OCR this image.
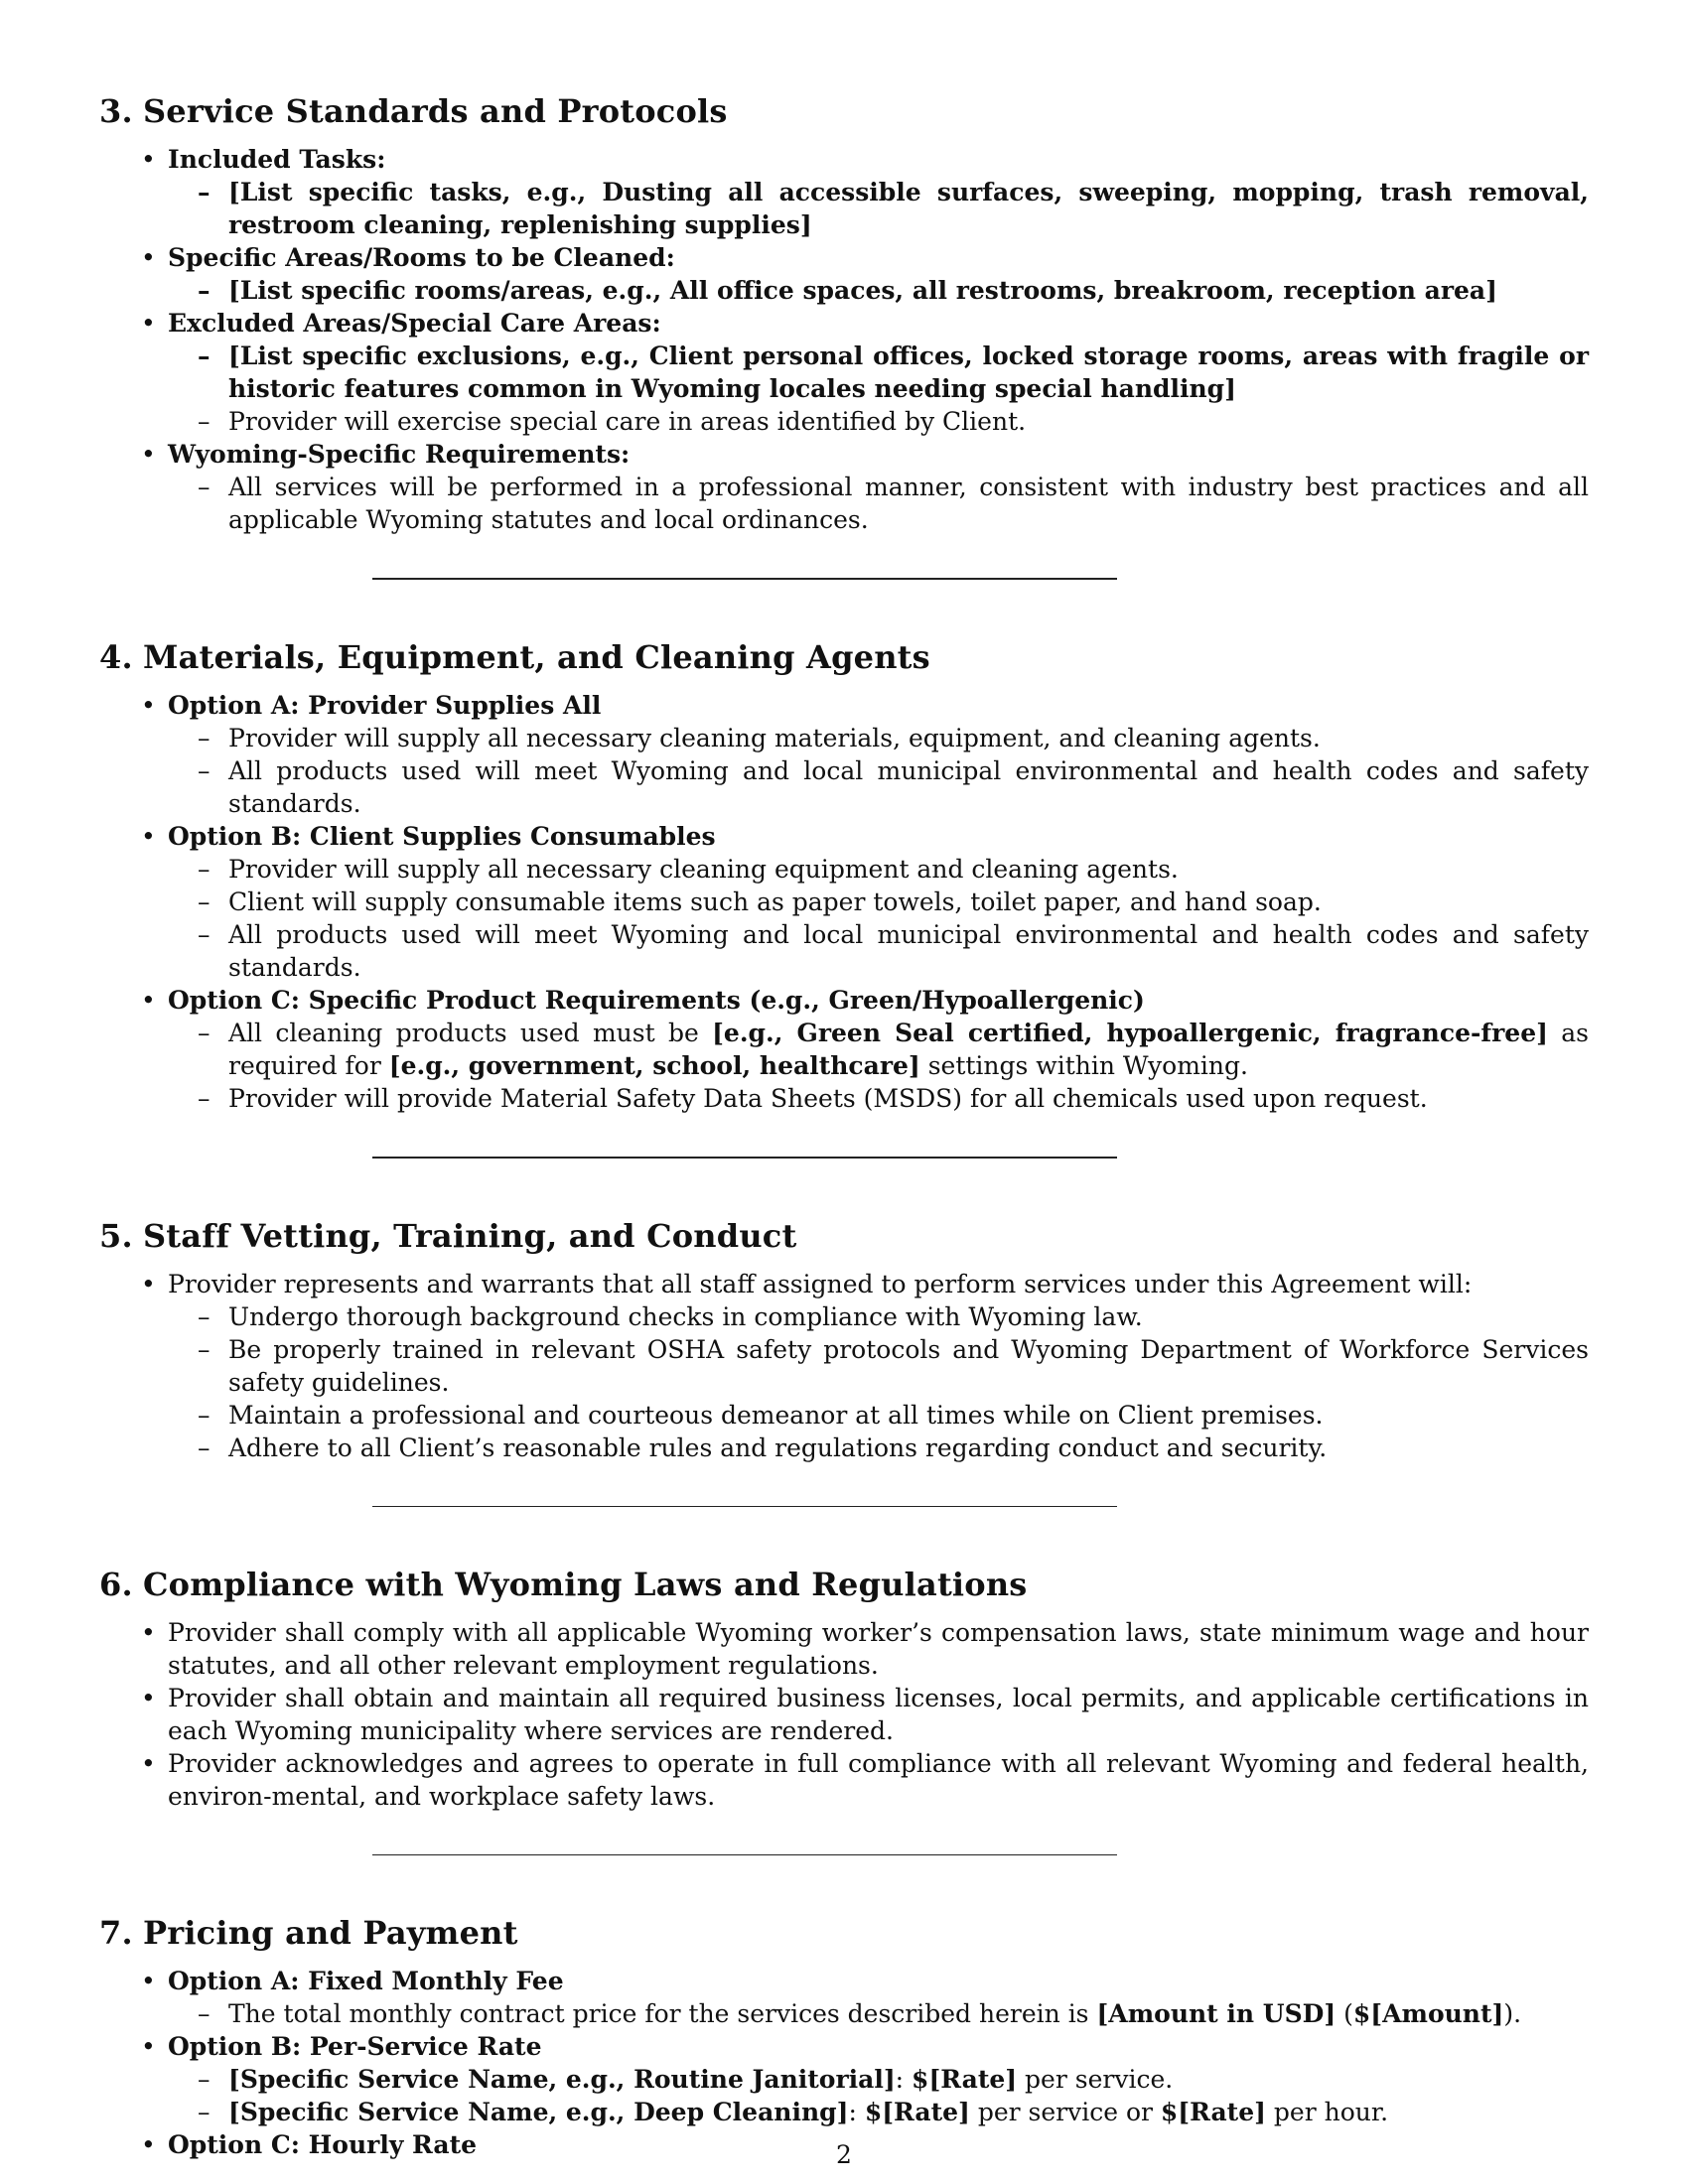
3. Service Standards and Protocols
• Included Tasks:
– [List specific tasks, e.g., Dusting all accessible surfaces, sweeping, mopping, trash removal, restroom cleaning, replenishing supplies]
• Specific Areas/Rooms to be Cleaned:
– [List specific rooms/areas, e.g., All office spaces, all restrooms, breakroom, reception area]
• Excluded Areas/Special Care Areas:
– [List specific exclusions, e.g., Client personal offices, locked storage rooms, areas with fragile or historic features common in Wyoming locales needing special handling]
– Provider will exercise special care in areas identified by Client.
• Wyoming-Specific Requirements:
– All services will be performed in a professional manner, consistent with industry best practices and all applicable Wyoming statutes and local ordinances.
4. Materials, Equipment, and Cleaning Agents
• Option A: Provider Supplies All
– Provider will supply all necessary cleaning materials, equipment, and cleaning agents.
– All products used will meet Wyoming and local municipal environmental and health codes and safety standards.
• Option B: Client Supplies Consumables
– Provider will supply all necessary cleaning equipment and cleaning agents.
– Client will supply consumable items such as paper towels, toilet paper, and hand soap.
– All products used will meet Wyoming and local municipal environmental and health codes and safety standards.
• Option C: Specific Product Requirements (e.g., Green/Hypoallergenic)
– All cleaning products used must be [e.g., Green Seal certified, hypoallergenic, fragrance-free] as required for [e.g., government, school, healthcare] settings within Wyoming.
– Provider will provide Material Safety Data Sheets (MSDS) for all chemicals used upon request.
5. Staff Vetting, Training, and Conduct
• Provider represents and warrants that all staff assigned to perform services under this Agreement will:
– Undergo thorough background checks in compliance with Wyoming law.
– Be properly trained in relevant OSHA safety protocols and Wyoming Department of Workforce Services safety guidelines.
– Maintain a professional and courteous demeanor at all times while on Client premises.
– Adhere to all Client’s reasonable rules and regulations regarding conduct and security.
6. Compliance with Wyoming Laws and Regulations
• Provider shall comply with all applicable Wyoming worker’s compensation laws, state minimum wage and hour statutes, and all other relevant employment regulations.
• Provider shall obtain and maintain all required business licenses, local permits, and applicable certifications in each Wyoming municipality where services are rendered.
• Provider acknowledges and agrees to operate in full compliance with all relevant Wyoming and federal health, environ-mental, and workplace safety laws.
7. Pricing and Payment
• Option A: Fixed Monthly Fee
– The total monthly contract price for the services described herein is [Amount in USD] ($[Amount]).
• Option B: Per-Service Rate
– [Specific Service Name, e.g., Routine Janitorial]: $[Rate] per service.
– [Specific Service Name, e.g., Deep Cleaning]: $[Rate] per service or $[Rate] per hour.
• Option C: Hourly Rate	2
